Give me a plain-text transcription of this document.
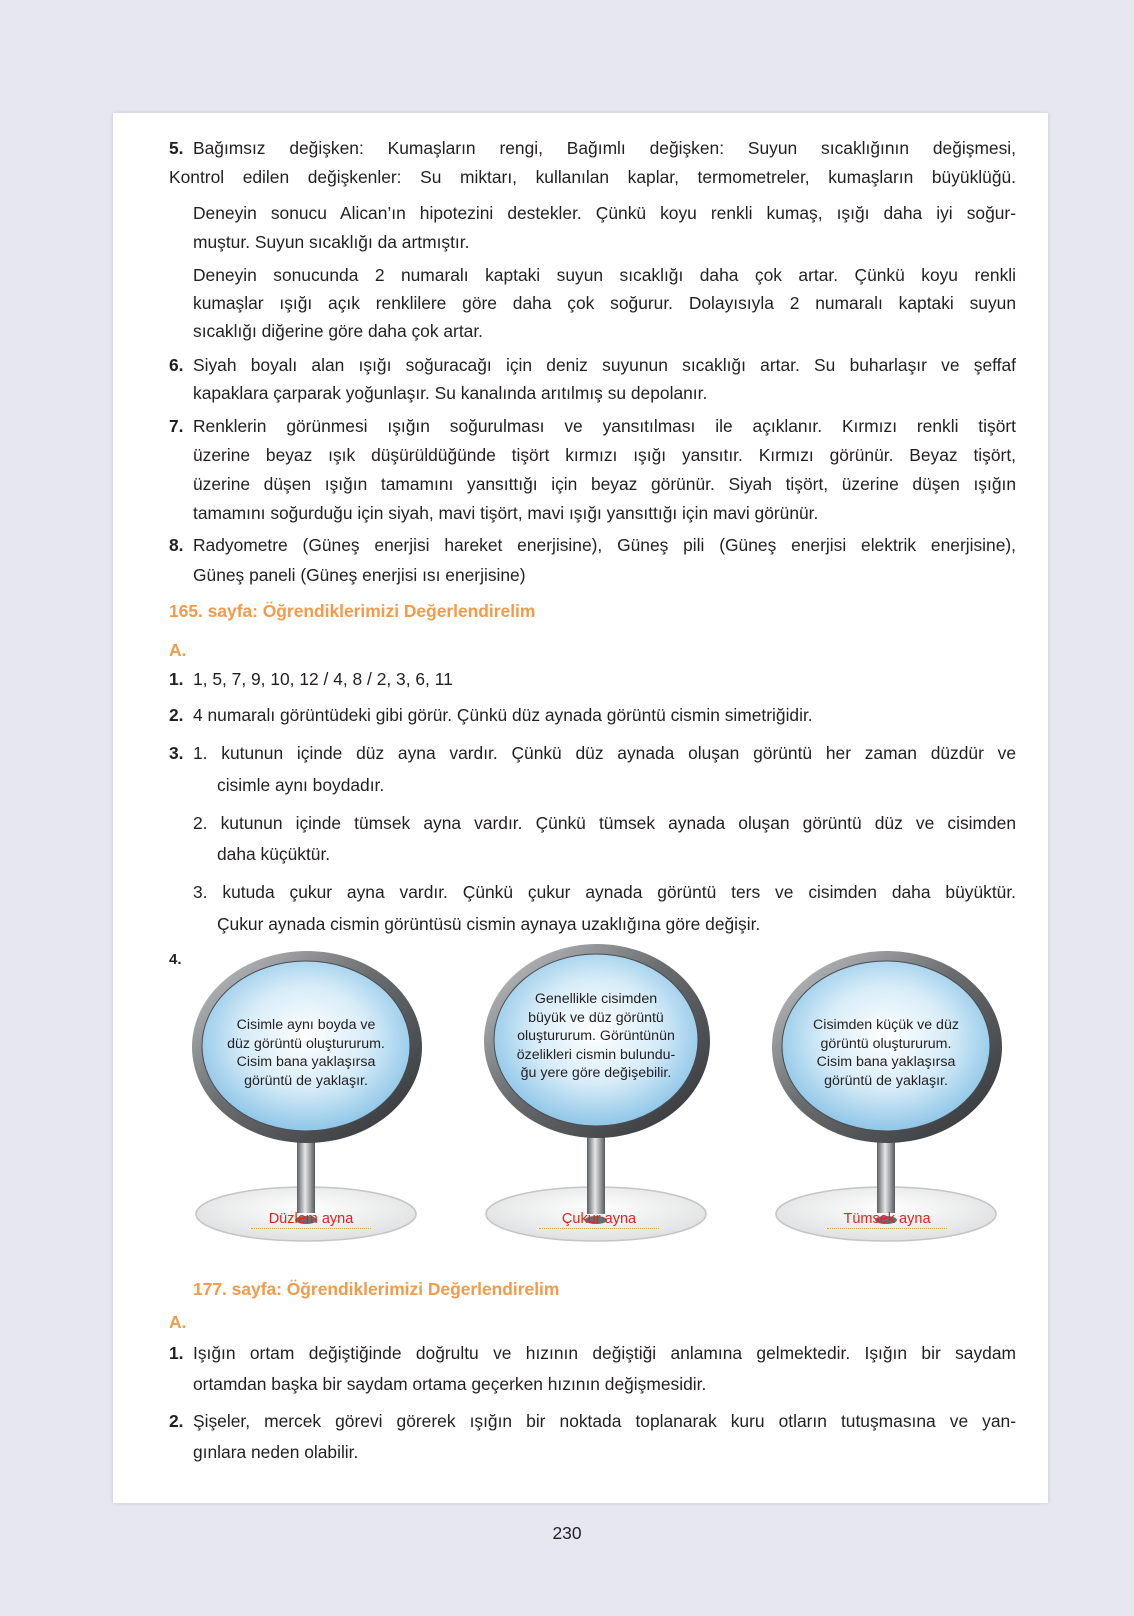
5. Bağımsız değişken: Kumaşların rengi, Bağımlı değişken: Suyun sıcaklığının değişmesi,
Kontrol edilen değişkenler: Su miktarı, kullanılan kaplar, termometreler, kumaşların büyüklüğü.
Deneyin sonucu Alican’ın hipotezini destekler. Çünkü koyu renkli kumaş, ışığı daha iyi soğur-
muştur. Suyun sıcaklığı da artmıştır.
Deneyin sonucunda 2 numaralı kaptaki suyun sıcaklığı daha çok artar. Çünkü koyu renkli
kumaşlar ışığı açık renklilere göre daha çok soğurur. Dolayısıyla 2 numaralı kaptaki suyun
sıcaklığı diğerine göre daha çok artar.
6. Siyah boyalı alan ışığı soğuracağı için deniz suyunun sıcaklığı artar. Su buharlaşır ve şeffaf
kapaklara çarparak yoğunlaşır. Su kanalında arıtılmış su depolanır.
7. Renklerin görünmesi ışığın soğurulması ve yansıtılması ile açıklanır. Kırmızı renkli tişört
üzerine beyaz ışık düşürüldüğünde tişört kırmızı ışığı yansıtır. Kırmızı görünür. Beyaz tişört,
üzerine düşen ışığın tamamını yansıttığı için beyaz görünür. Siyah tişört, üzerine düşen ışığın
tamamını soğurduğu için siyah, mavi tişört, mavi ışığı yansıttığı için mavi görünür.
8. Radyometre (Güneş enerjisi hareket enerjisine), Güneş pili (Güneş enerjisi elektrik enerjisine),
Güneş paneli (Güneş enerjisi ısı enerjisine)
165. sayfa: Öğrendiklerimizi Değerlendirelim
A.
1. 1, 5, 7, 9, 10, 12 / 4, 8 / 2, 3, 6, 11
2. 4 numaralı görüntüdeki gibi görür. Çünkü düz aynada görüntü cismin simetriğidir.
3. 1. kutunun içinde düz ayna vardır. Çünkü düz aynada oluşan görüntü her zaman düzdür ve
cisimle aynı boydadır.
2. kutunun içinde tümsek ayna vardır. Çünkü tümsek aynada oluşan görüntü düz ve cisimden
daha küçüktür.
3. kutuda çukur ayna vardır. Çünkü çukur aynada görüntü ters ve cisimden daha büyüktür.
Çukur aynada cismin görüntüsü cismin aynaya uzaklığına göre değişir.
4.
Cisimle aynı boyda ve
düz görüntü oluştururum.
Cisim bana yaklaşırsa
görüntü de yaklaşır.
Genellikle cisimden
büyük ve düz görüntü
oluştururum. Görüntünün
özelikleri cismin bulundu-
ğu yere göre değişebilir.
Cisimden küçük ve düz
görüntü oluştururum.
Cisim bana yaklaşırsa
görüntü de yaklaşır.
Düzlem ayna	Çukur ayna	Tümsek ayna
177. sayfa: Öğrendiklerimizi Değerlendirelim
A.
1. Işığın ortam değiştiğinde doğrultu ve hızının değiştiği anlamına gelmektedir. Işığın bir saydam
ortamdan başka bir saydam ortama geçerken hızının değişmesidir.
2. Şişeler, mercek görevi görerek ışığın bir noktada toplanarak kuru otların tutuşmasına ve yan-
gınlara neden olabilir.
230
